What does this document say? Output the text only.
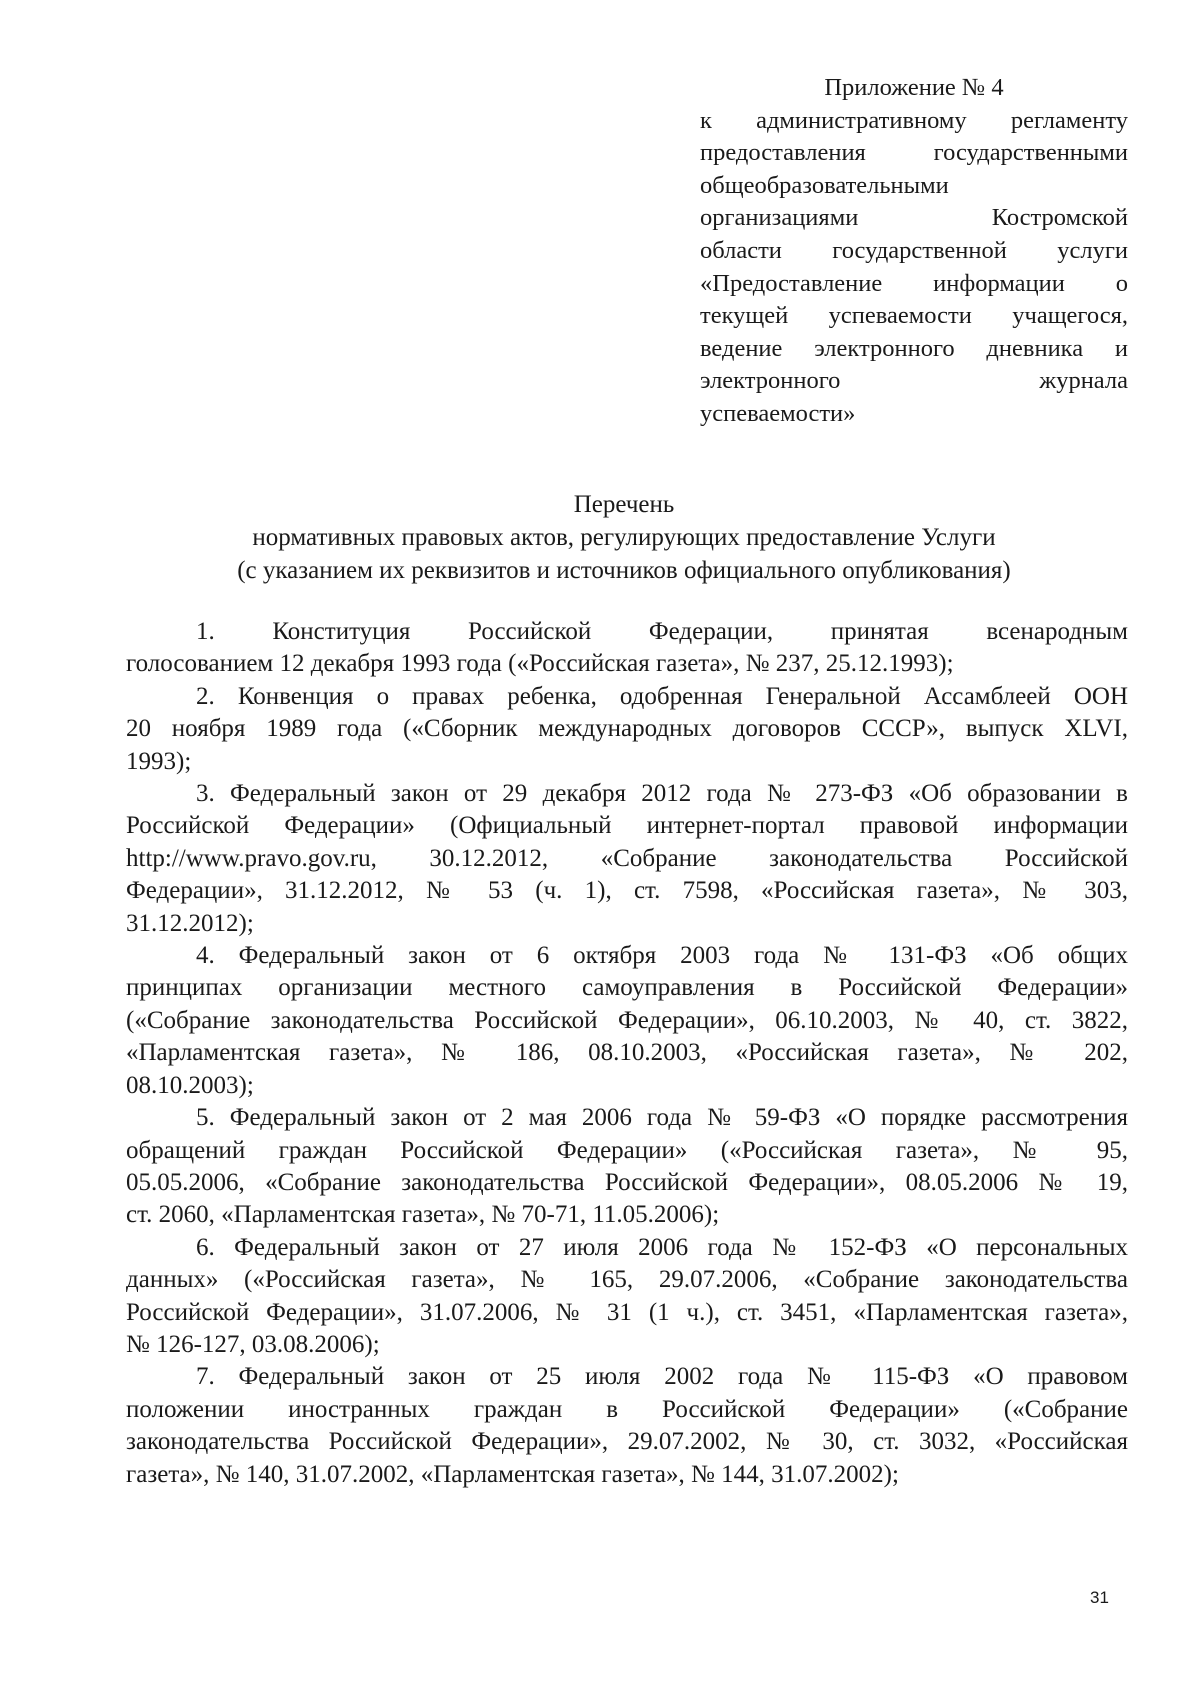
Приложение № 4
к административному регламенту
предоставления государственными
общеобразовательными
организациями Костромской
области государственной услуги
«Предоставление информации о
текущей успеваемости учащегося,
ведение электронного дневника и
электронного журнала
успеваемости»
Перечень
нормативных правовых актов, регулирующих предоставление Услуги
(с указанием их реквизитов и источников официального опубликования)
1. Конституция Российской Федерации, принятая всенародным
голосованием 12 декабря 1993 года («Российская газета», № 237, 25.12.1993);
2. Конвенция о правах ребенка, одобренная Генеральной Ассамблеей ООН
20 ноября 1989 года («Сборник международных договоров СССР», выпуск XLVI,
1993);
3. Федеральный закон от 29 декабря 2012 года № 273-ФЗ «Об образовании в
Российской Федерации» (Официальный интернет-портал правовой информации
http://www.pravo.gov.ru, 30.12.2012, «Собрание законодательства Российской
Федерации», 31.12.2012, № 53 (ч. 1), ст. 7598, «Российская газета», № 303,
31.12.2012);
4. Федеральный закон от 6 октября 2003 года № 131-ФЗ «Об общих
принципах организации местного самоуправления в Российской Федерации»
(«Собрание законодательства Российской Федерации», 06.10.2003, № 40, ст. 3822,
«Парламентская газета», № 186, 08.10.2003, «Российская газета», № 202,
08.10.2003);
5. Федеральный закон от 2 мая 2006 года № 59-ФЗ «О порядке рассмотрения
обращений граждан Российской Федерации» («Российская газета», № 95,
05.05.2006, «Собрание законодательства Российской Федерации», 08.05.2006 № 19,
ст. 2060, «Парламентская газета», № 70-71, 11.05.2006);
6. Федеральный закон от 27 июля 2006 года № 152-ФЗ «О персональных
данных» («Российская газета», № 165, 29.07.2006, «Собрание законодательства
Российской Федерации», 31.07.2006, № 31 (1 ч.), ст. 3451, «Парламентская газета»,
№ 126-127, 03.08.2006);
7. Федеральный закон от 25 июля 2002 года № 115-ФЗ «О правовом
положении иностранных граждан в Российской Федерации» («Собрание
законодательства Российской Федерации», 29.07.2002, № 30, ст. 3032, «Российская
газета», № 140, 31.07.2002, «Парламентская газета», № 144, 31.07.2002);
31
